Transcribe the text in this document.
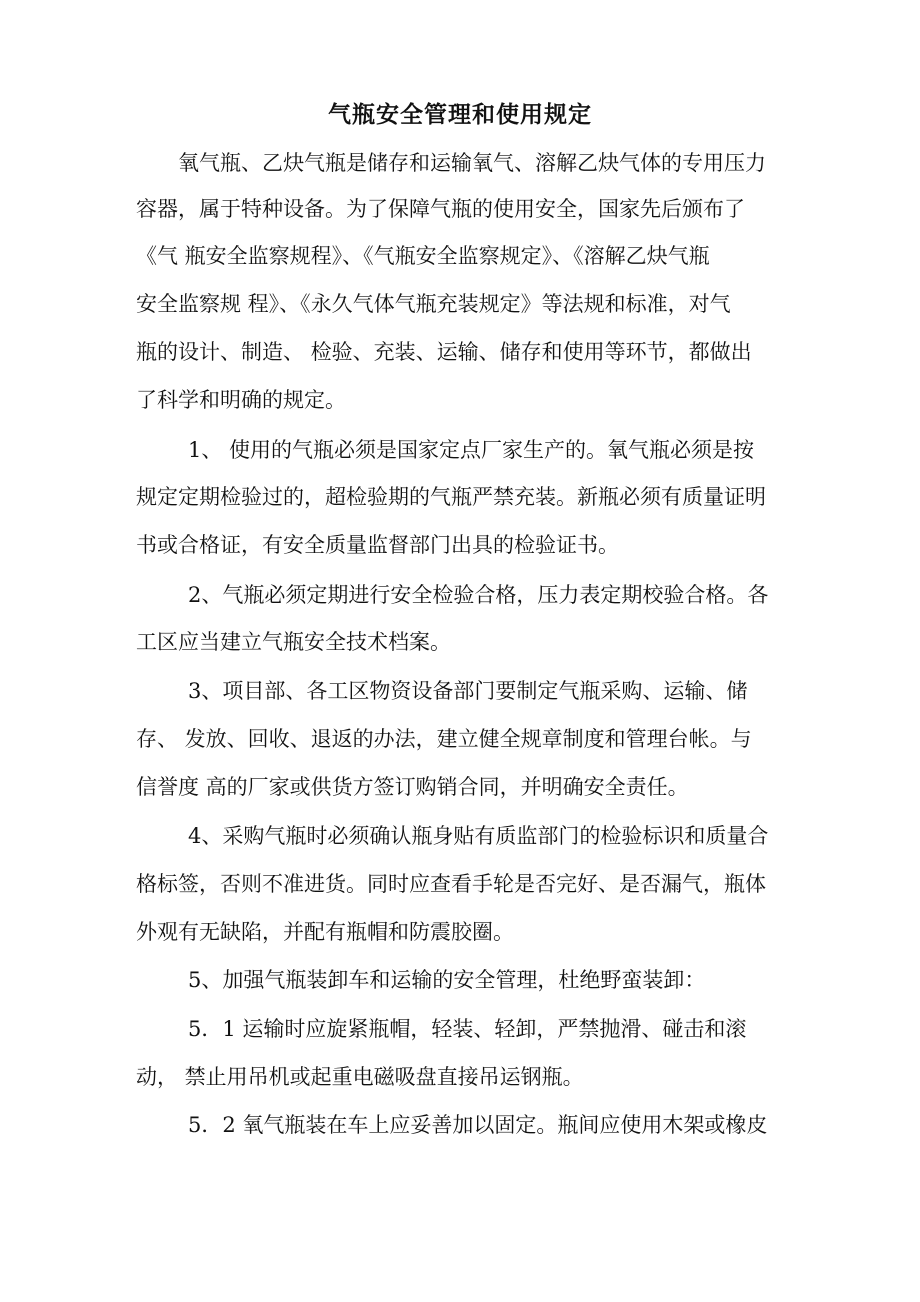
气瓶安全管理和使用规定

氧气瓶、乙炔气瓶是储存和运输氧气、溶解乙炔气体的专用压力

容器，属于特种设备。为了保障气瓶的使用安全，国家先后颁布了

《气 瓶安全监察规程》、《气瓶安全监察规定》、《溶解乙炔气瓶

安全监察规 程》、《永久气体气瓶充装规定》等法规和标准，对气

瓶的设计、制造、 检验、充装、运输、储存和使用等环节，都做出

了科学和明确的规定。

1、 使用的气瓶必须是国家定点厂家生产的。氧气瓶必须是按

规定定期检验过的，超检验期的气瓶严禁充装。新瓶必须有质量证明

书或合格证，有安全质量监督部门出具的检验证书。

2、气瓶必须定期进行安全检验合格，压力表定期校验合格。各

工区应当建立气瓶安全技术档案。

3、项目部、各工区物资设备部门要制定气瓶采购、运输、储

存、 发放、回收、退返的办法，建立健全规章制度和管理台帐。与

信誉度 高的厂家或供货方签订购销合同，并明确安全责任。

4、采购气瓶时必须确认瓶身贴有质监部门的检验标识和质量合

格标签，否则不准进货。同时应查看手轮是否完好、是否漏气，瓶体

外观有无缺陷，并配有瓶帽和防震胶圈。

5、加强气瓶装卸车和运输的安全管理，杜绝野蛮装卸：

5．1 运输时应旋紧瓶帽，轻装、轻卸，严禁抛滑、碰击和滚

动， 禁止用吊机或起重电磁吸盘直接吊运钢瓶。

5．2 氧气瓶装在车上应妥善加以固定。瓶间应使用木架或橡皮
